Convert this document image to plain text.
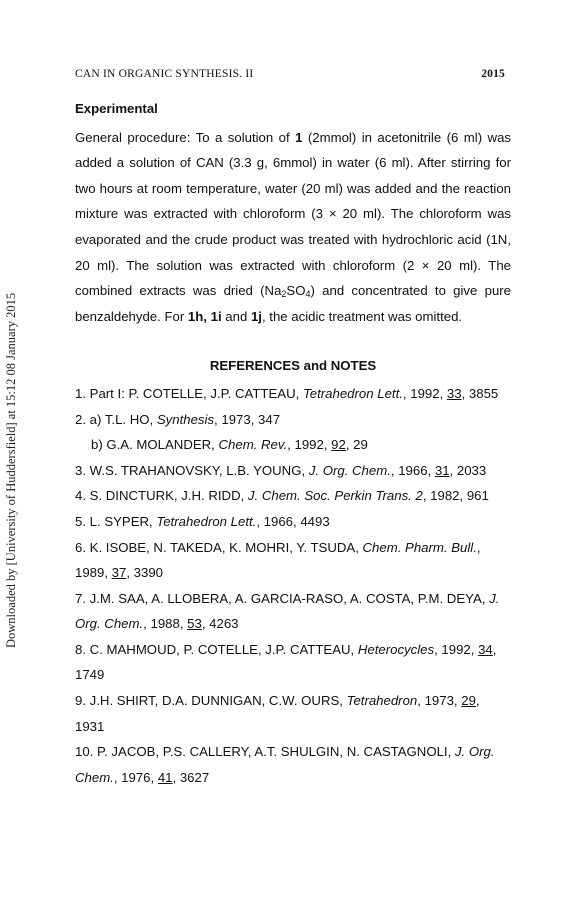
CAN IN ORGANIC SYNTHESIS. II	2015
Downloaded by [University of Huddersfield] at 15:12 08 January 2015
Experimental

General procedure: To a solution of 1 (2mmol) in acetonitrile (6 ml) was added a solution of CAN (3.3 g, 6mmol) in water (6 ml). After stirring for two hours at room temperature, water (20 ml) was added and the reaction mixture was extracted with chloroform (3 × 20 ml). The chloroform was evaporated and the crude product was treated with hydrochloric acid (1N, 20 ml). The solution was extracted with chloroform (2 × 20 ml). The combined extracts was dried $(Na_2SO_4)$ and concentrated to give pure benzaldehyde. For 1h, 1i and 1j, the acidic treatment was omitted.

REFERENCES and NOTES

1. Part I: P. COTELLE, J.P. CATTEAU, Tetrahedron Lett., 1992, 33, 3855

2. a) T.L. HO, Synthesis, 1973, 347

b) G.A. MOLANDER, Chem. Rev., 1992, 92, 29

3. W.S. TRAHANOVSKY, L.B. YOUNG, J. Org. Chem., 1966, 31, 2033

4. S. DINCTURK, J.H. RIDD, J. Chem. Soc. Perkin Trans. 2, 1982, 961

5. L. SYPER, Tetrahedron Lett., 1966, 4493

6. K. ISOBE, N. TAKEDA, K. MOHRI, Y. TSUDA, Chem. Pharm. Bull., 1989, 37, 3390

7. J.M. SAA, A. LLOBERA, A. GARCIA-RASO, A. COSTA, P.M. DEYA, J. Org. Chem., 1988, 53, 4263

8. C. MAHMOUD, P. COTELLE, J.P. CATTEAU, Heterocycles, 1992, 34, 1749

9. J.H. SHIRT, D.A. DUNNIGAN, C.W. OURS, Tetrahedron, 1973, 29, 1931

10. P. JACOB, P.S. CALLERY, A.T. SHULGIN, N. CASTAGNOLI, J. Org. Chem., 1976, 41, 3627
